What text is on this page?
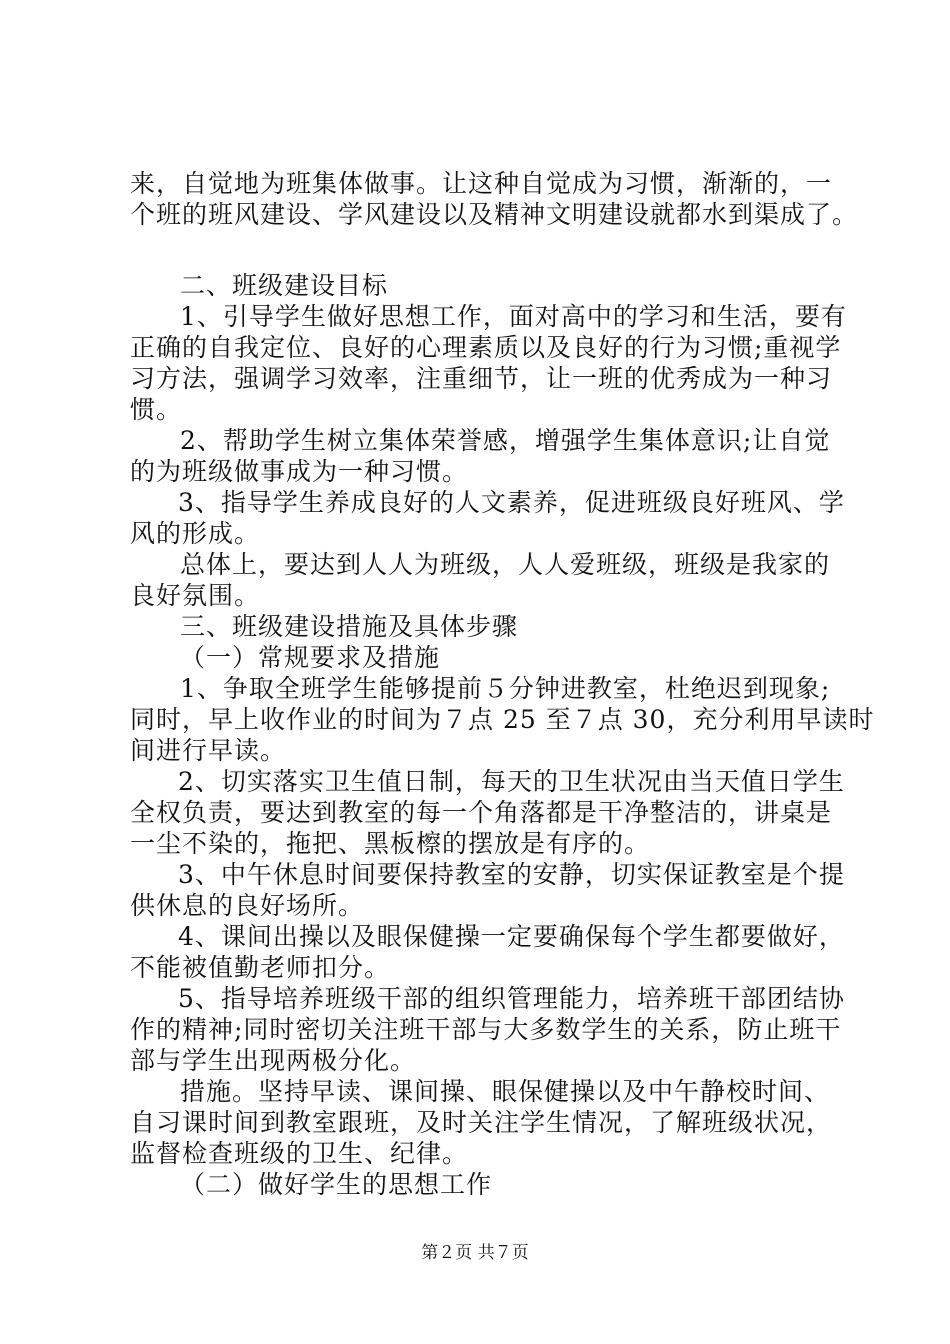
来，自觉地为班集体做事。让这种自觉成为习惯，渐渐的，一
个班的班风建设、学风建设以及精神文明建设就都水到渠成了。
二、班级建设目标
1、引导学生做好思想工作，面对高中的学习和生活，要有
正确的自我定位、良好的心理素质以及良好的行为习惯;重视学
习方法，强调学习效率，注重细节，让一班的优秀成为一种习
惯。
2、帮助学生树立集体荣誉感，增强学生集体意识;让自觉
的为班级做事成为一种习惯。
3、指导学生养成良好的人文素养，促进班级良好班风、学
风的形成。
总体上，要达到人人为班级，人人爱班级，班级是我家的
良好氛围。
三、班级建设措施及具体步骤
（一）常规要求及措施
1、争取全班学生能够提前５分钟进教室，杜绝迟到现象;
同时，早上收作业的时间为７点 25 至７点 30，充分利用早读时
间进行早读。
2、切实落实卫生值日制，每天的卫生状况由当天值日学生
全权负责，要达到教室的每一个角落都是干净整洁的，讲桌是
一尘不染的，拖把、黑板檫的摆放是有序的。
3、中午休息时间要保持教室的安静，切实保证教室是个提
供休息的良好场所。
4、课间出操以及眼保健操一定要确保每个学生都要做好，
不能被值勤老师扣分。
5、指导培养班级干部的组织管理能力，培养班干部团结协
作的精神;同时密切关注班干部与大多数学生的关系，防止班干
部与学生出现两极分化。
措施。坚持早读、课间操、眼保健操以及中午静校时间、
自习课时间到教室跟班，及时关注学生情况，了解班级状况，
监督检查班级的卫生、纪律。
（二）做好学生的思想工作
第２页 共７页
